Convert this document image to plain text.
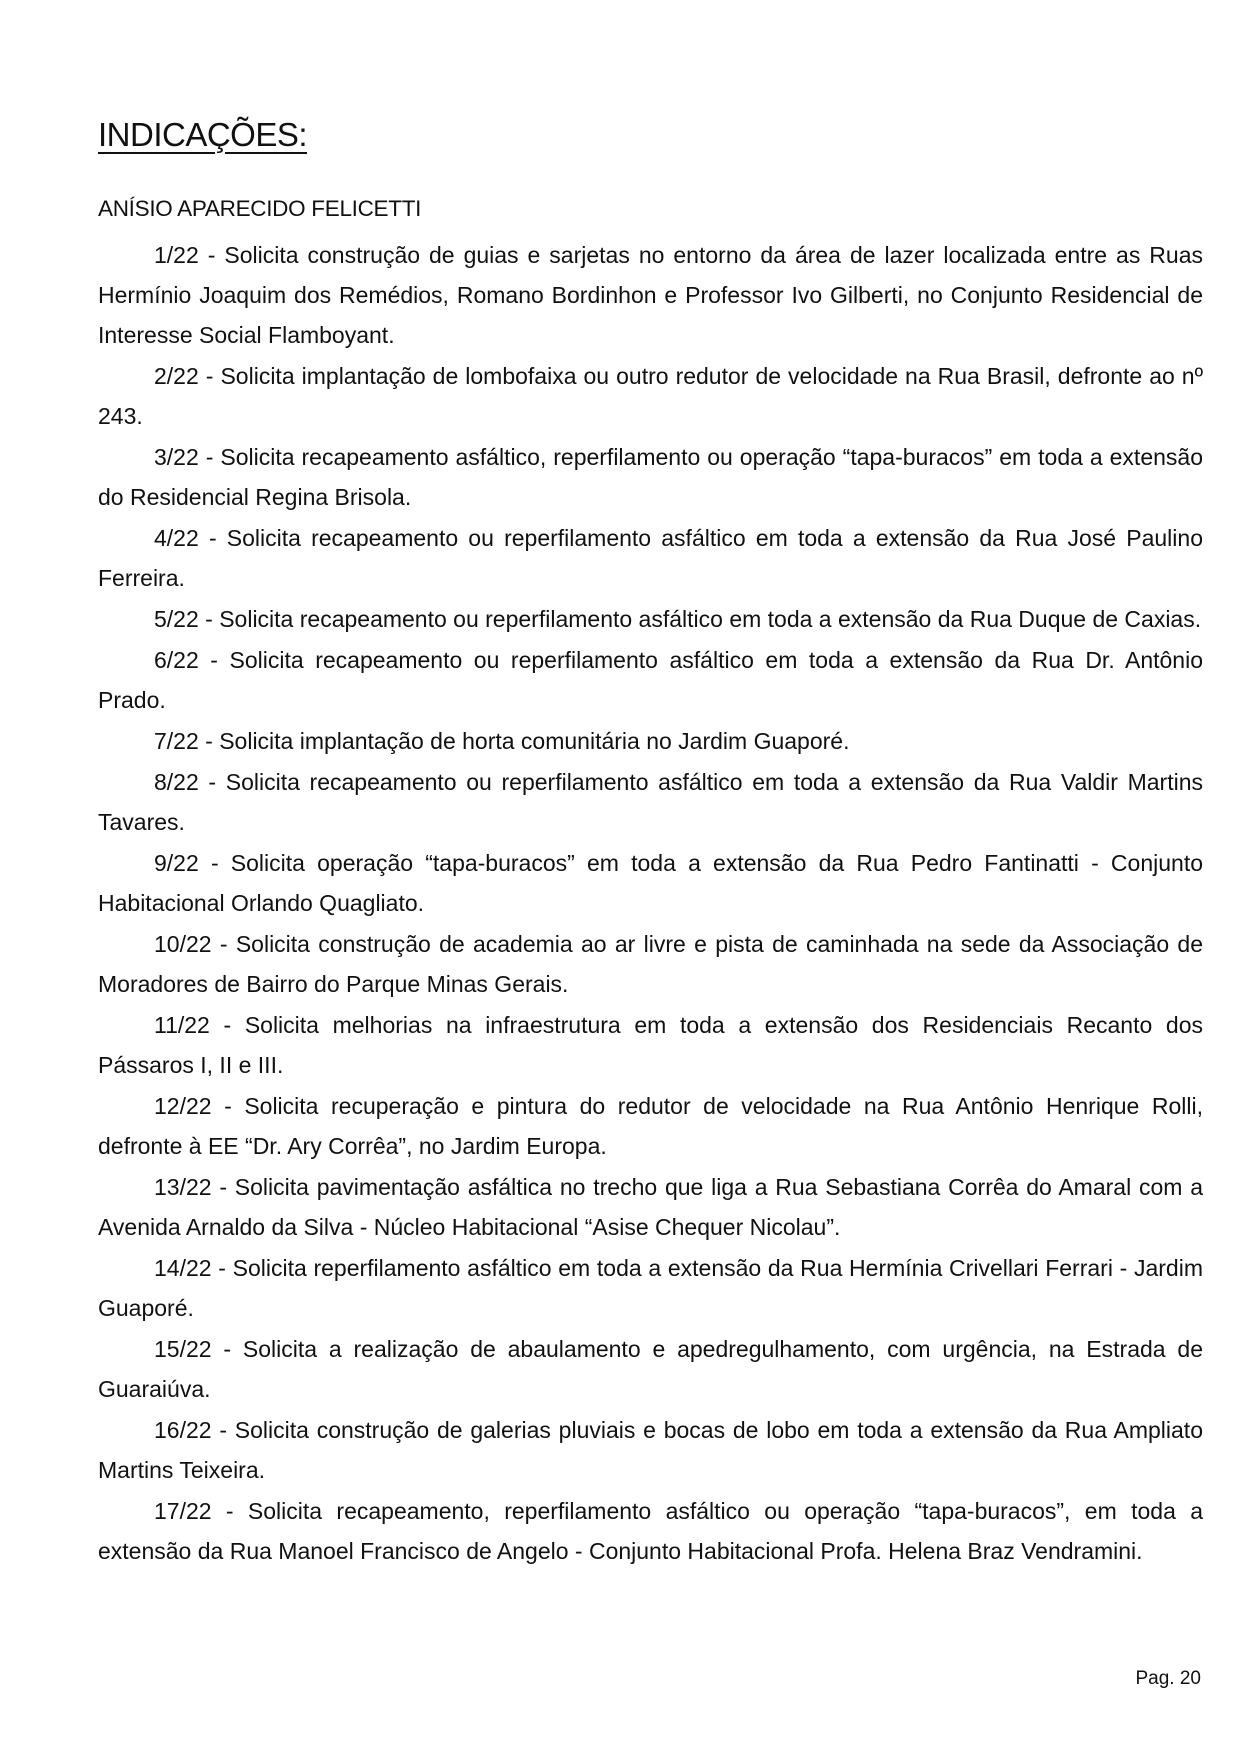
INDICAÇÕES:

ANÍSIO APARECIDO FELICETTI

1/22 - Solicita construção de guias e sarjetas no entorno da área de lazer localizada entre as Ruas Hermínio Joaquim dos Remédios, Romano Bordinhon e Professor Ivo Gilberti, no Conjunto Residencial de Interesse Social Flamboyant.

2/22 - Solicita implantação de lombofaixa ou outro redutor de velocidade na Rua Brasil, defronte ao nº 243.

3/22 - Solicita recapeamento asfáltico, reperfilamento ou operação “tapa-buracos” em toda a extensão do Residencial Regina Brisola.

4/22 - Solicita recapeamento ou reperfilamento asfáltico em toda a extensão da Rua José Paulino Ferreira.

5/22 - Solicita recapeamento ou reperfilamento asfáltico em toda a extensão da Rua Duque de Caxias.

6/22 - Solicita recapeamento ou reperfilamento asfáltico em toda a extensão da Rua Dr. Antônio Prado.

7/22 - Solicita implantação de horta comunitária no Jardim Guaporé.

8/22 - Solicita recapeamento ou reperfilamento asfáltico em toda a extensão da Rua Valdir Martins Tavares.

9/22 - Solicita operação “tapa-buracos” em toda a extensão da Rua Pedro Fantinatti - Conjunto Habitacional Orlando Quagliato.

10/22 - Solicita construção de academia ao ar livre e pista de caminhada na sede da Associação de Moradores de Bairro do Parque Minas Gerais.

11/22 - Solicita melhorias na infraestrutura em toda a extensão dos Residenciais Recanto dos Pássaros I, II e III.

12/22 - Solicita recuperação e pintura do redutor de velocidade na Rua Antônio Henrique Rolli, defronte à EE “Dr. Ary Corrêa”, no Jardim Europa.

13/22 - Solicita pavimentação asfáltica no trecho que liga a Rua Sebastiana Corrêa do Amaral com a Avenida Arnaldo da Silva - Núcleo Habitacional “Asise Chequer Nicolau”.

14/22 - Solicita reperfilamento asfáltico em toda a extensão da Rua Hermínia Crivellari Ferrari - Jardim Guaporé.

15/22 - Solicita a realização de abaulamento e apedregulhamento, com urgência, na Estrada de Guaraiúva.

16/22 - Solicita construção de galerias pluviais e bocas de lobo em toda a extensão da Rua Ampliato Martins Teixeira.

17/22 - Solicita recapeamento, reperfilamento asfáltico ou operação “tapa-buracos”, em toda a extensão da Rua Manoel Francisco de Angelo - Conjunto Habitacional Profa. Helena Braz Vendramini.

Pag. 20
